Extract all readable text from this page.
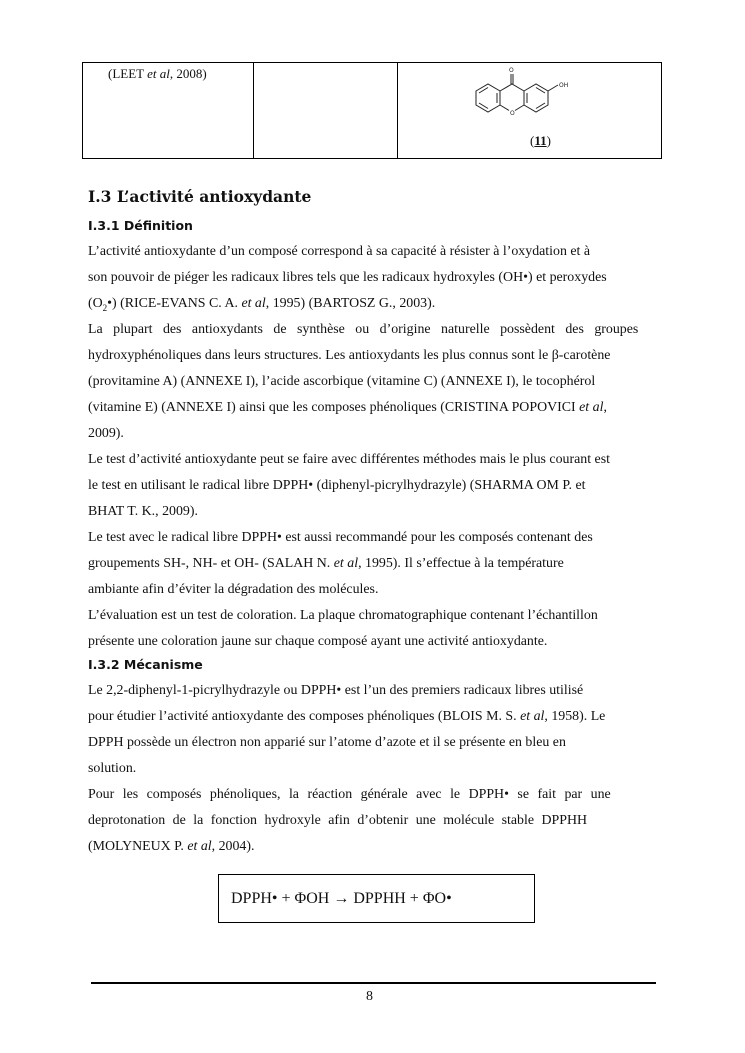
(LEET et al, 2008)	O
OH
O
(11)
I.3 L’activité antioxydante
I.3.1 Définition
L’activité antioxydante d’un composé correspond à sa capacité à résister à l’oxydation et à
son pouvoir de piéger les radicaux libres tels que les radicaux hydroxyles (OH•) et peroxydes
$(O_2•)$ (RICE-EVANS C. A. et al, 1995) (BARTOSZ G., 2003).
La plupart des antioxydants de synthèse ou d’origine naturelle possèdent des groupes
hydroxyphénoliques dans leurs structures. Les antioxydants les plus connus sont le β-carotène
(provitamine A) (ANNEXE I), l’acide ascorbique (vitamine C) (ANNEXE I), le tocophérol
(vitamine E) (ANNEXE I) ainsi que les composes phénoliques (CRISTINA POPOVICI et al,
2009).
Le test d’activité antioxydante peut se faire avec différentes méthodes mais le plus courant est
le test en utilisant le radical libre DPPH• (diphenyl-picrylhydrazyle) (SHARMA OM P. et
BHAT T. K., 2009).
Le test avec le radical libre DPPH• est aussi recommandé pour les composés contenant des
groupements SH-, NH- et OH- (SALAH N. et al, 1995). Il s’effectue à la température
ambiante afin d’éviter la dégradation des molécules.
L’évaluation est un test de coloration. La plaque chromatographique contenant l’échantillon
présente une coloration jaune sur chaque composé ayant une activité antioxydante.
I.3.2 Mécanisme
Le 2,2-diphenyl-1-picrylhydrazyle ou DPPH• est l’un des premiers radicaux libres utilisé
pour étudier l’activité antioxydante des composes phénoliques (BLOIS M. S. et al, 1958). Le
DPPH possède un électron non apparié sur l’atome d’azote et il se présente en bleu en
solution.
Pour les composés phénoliques, la réaction générale avec le DPPH• se fait par une
deprotonation de la fonction hydroxyle afin d’obtenir une molécule stable DPPHH
(MOLYNEUX P. et al, 2004).
DPPH• + ΦOH → DPPHH + ΦO•
8
